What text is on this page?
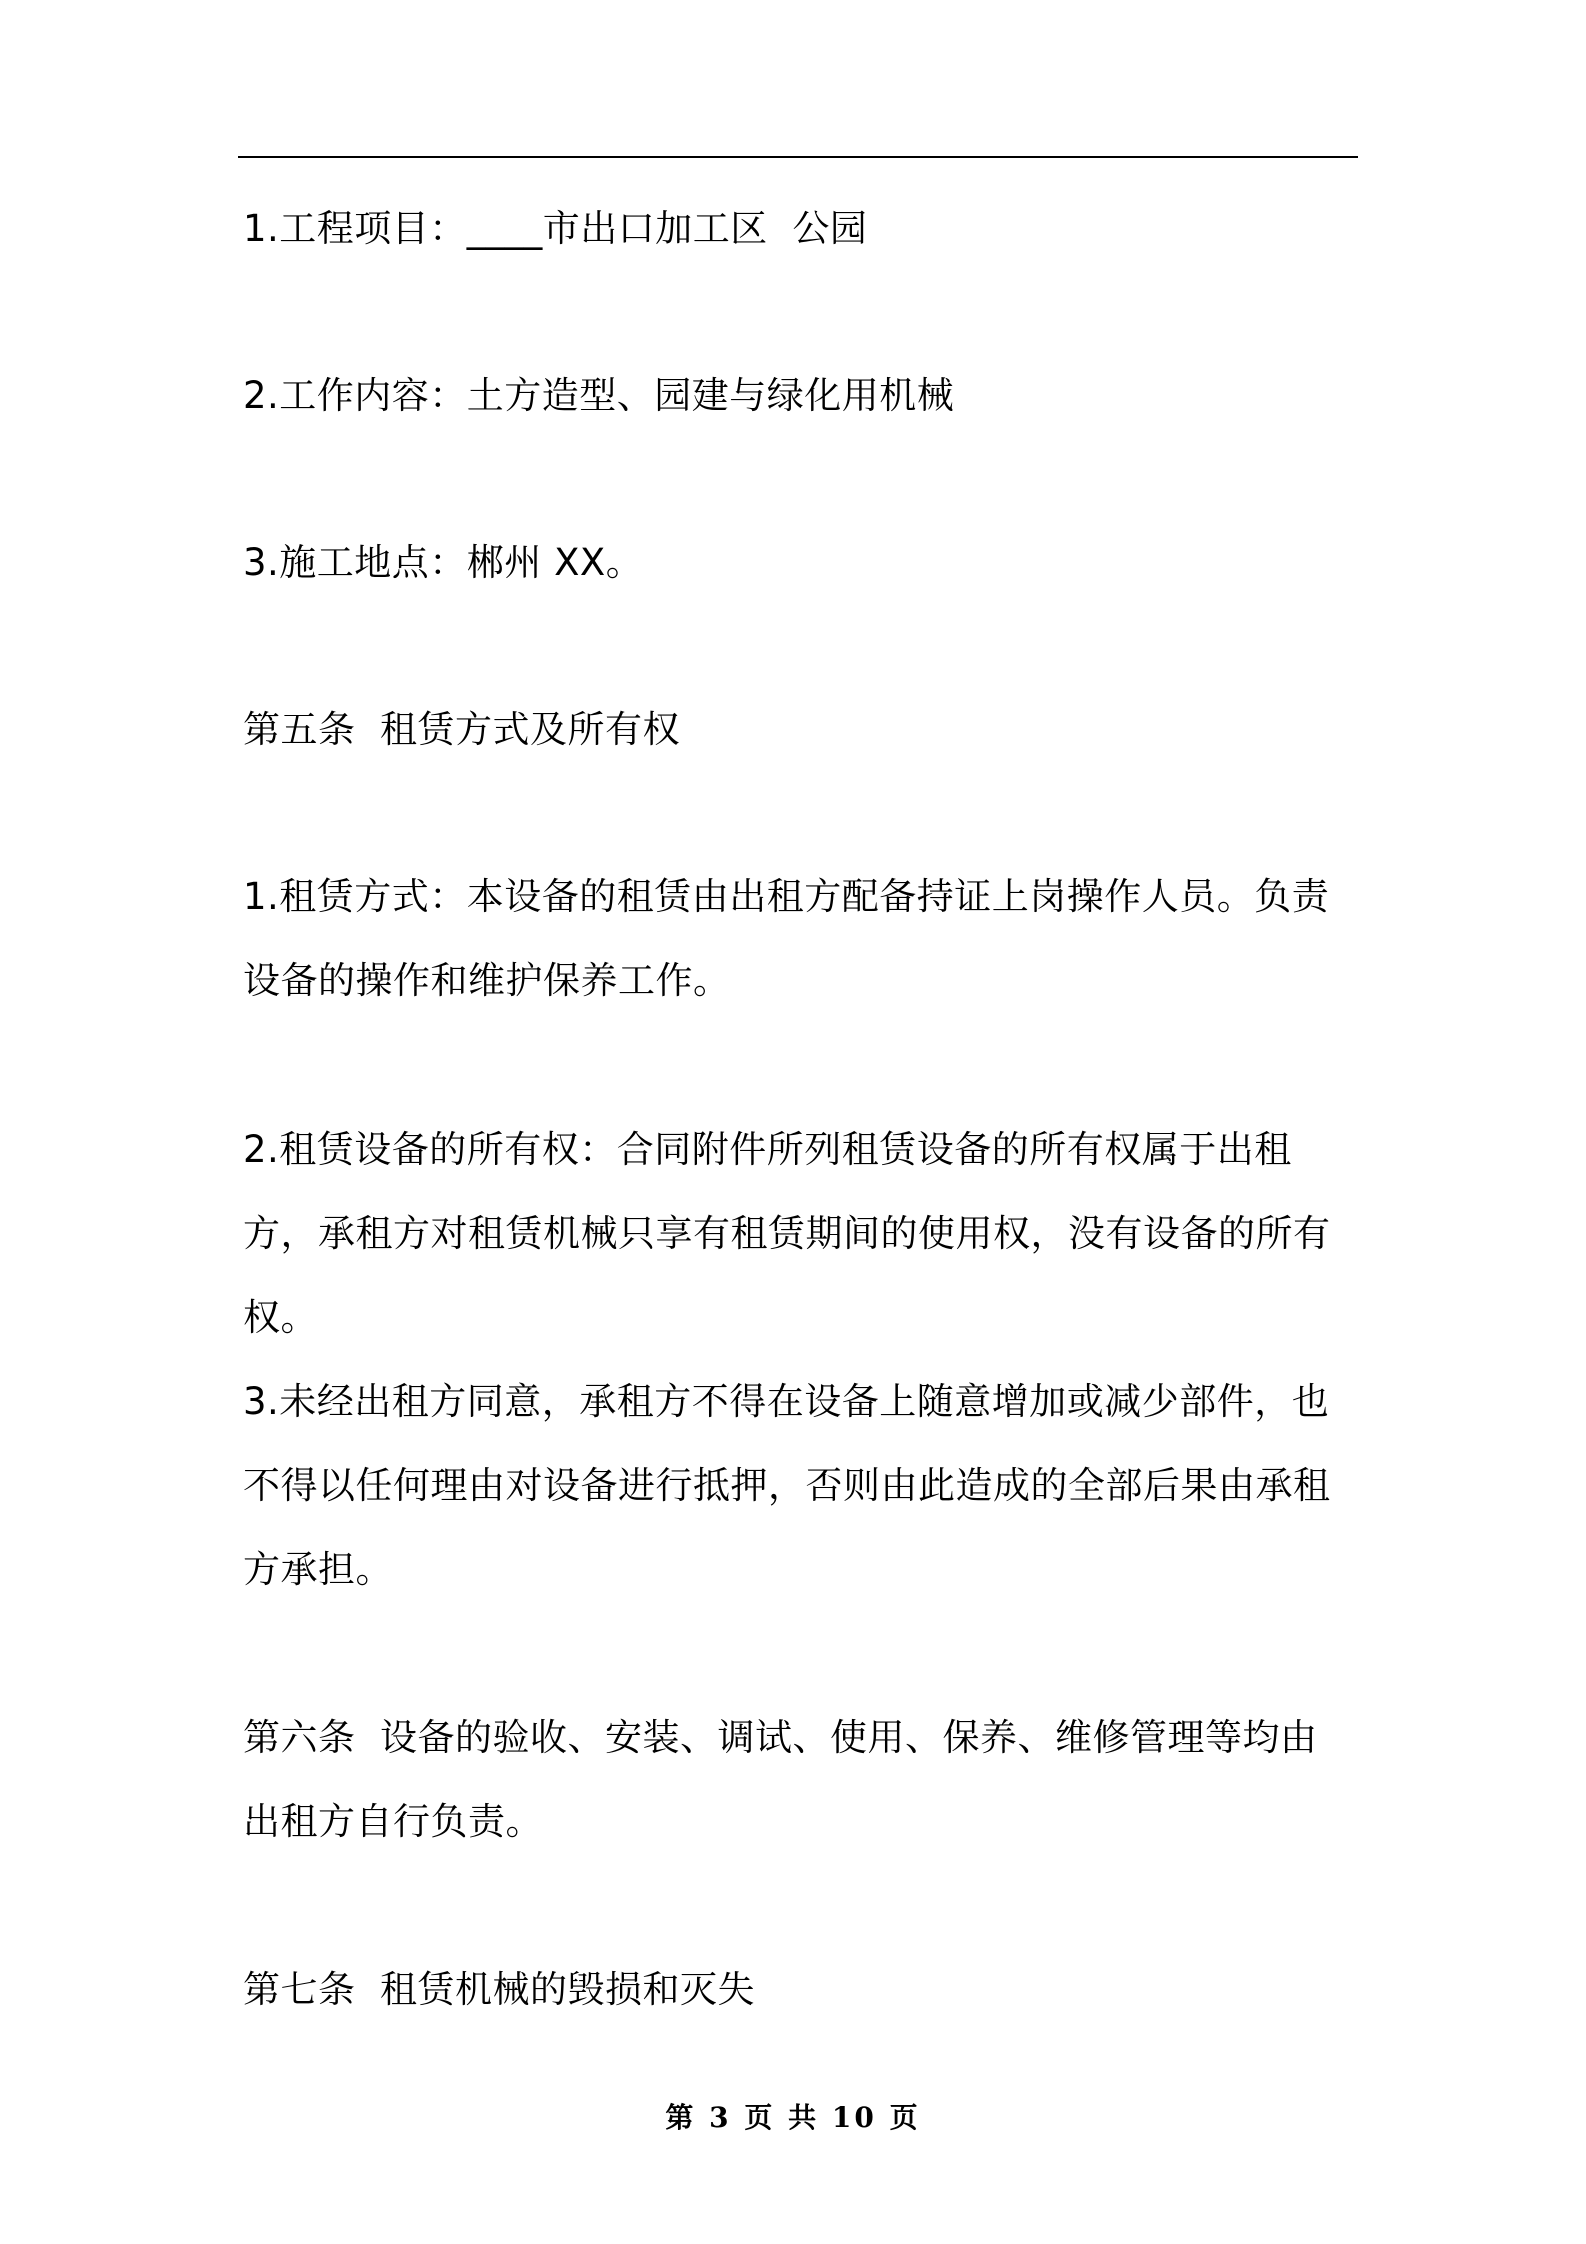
1.工程项目：____市出口加工区  公园

2.工作内容：土方造型、园建与绿化用机械

3.施工地点：郴州 XX。

第五条  租赁方式及所有权

1.租赁方式：本设备的租赁由出租方配备持证上岗操作人员。负责设备的操作和维护保养工作。

2.租赁设备的所有权：合同附件所列租赁设备的所有权属于出租方，承租方对租赁机械只享有租赁期间的使用权，没有设备的所有权。

3.未经出租方同意，承租方不得在设备上随意增加或减少部件，也不得以任何理由对设备进行抵押，否则由此造成的全部后果由承租方承担。

第六条  设备的验收、安装、调试、使用、保养、维修管理等均由出租方自行负责。

第七条  租赁机械的毁损和灭失

第 3 页 共 10 页
